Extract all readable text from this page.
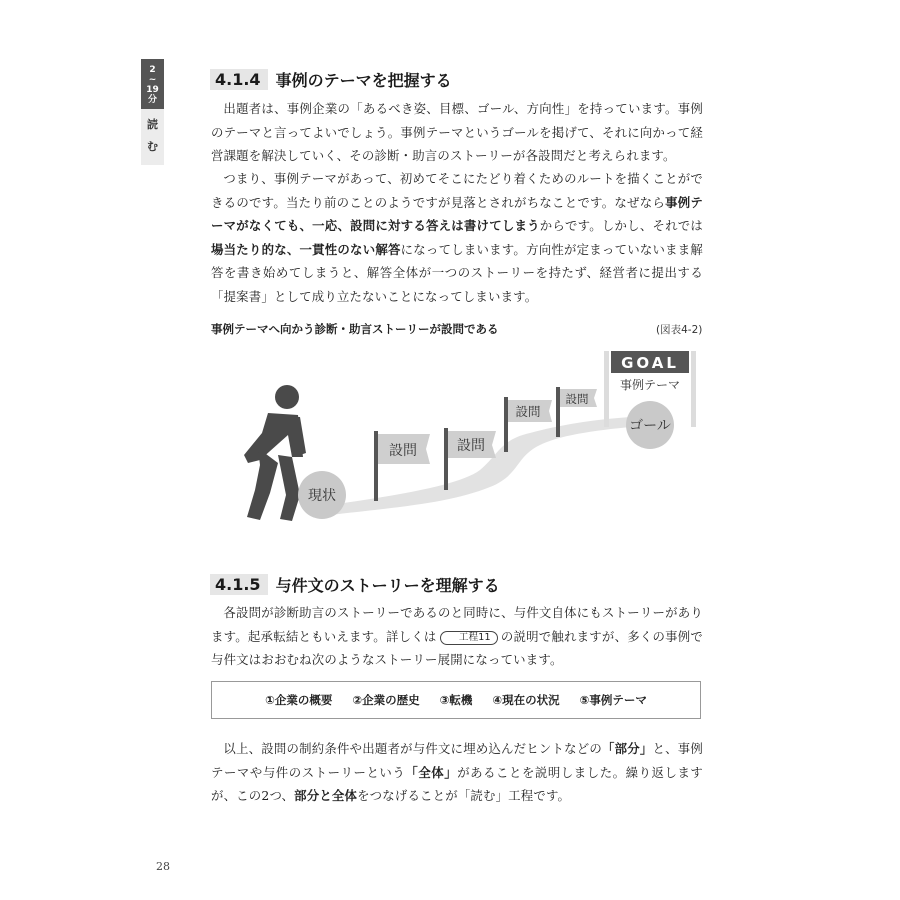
2
~
19
分
読
む
4.1.4 事例のテーマを把握する
出題者は、事例企業の「あるべき姿、目標、ゴール、方向性」を持っています。事例のテーマと言ってよいでしょう。事例テーマというゴールを掲げて、それに向かって経営課題を解決していく、その診断・助言のストーリーが各設問だと考えられます。
つまり、事例テーマがあって、初めてそこにたどり着くためのルートを描くことができるのです。当たり前のことのようですが見落とされがちなことです。なぜなら事例テーマがなくても、一応、設問に対する答えは書けてしまうからです。しかし、それでは場当たり的な、一貫性のない解答になってしまいます。方向性が定まっていないまま解答を書き始めてしまうと、解答全体が一つのストーリーを持たず、経営者に提出する「提案書」として成り立たないことになってしまいます。
事例テーマへ向かう診断・助言ストーリーが設問である	(図表4-2)
現状
設問	設問
設問
設問
GOAL
事例テーマ
ゴール
4.1.5 与件文のストーリーを理解する
各設問が診断助言のストーリーであるのと同時に、与件文自体にもストーリーがあります。起承転結ともいえます。詳しくは 工程11 の説明で触れますが、多くの事例で与件文はおおむね次のようなストーリー展開になっています。
①企業の概要 ②企業の歴史 ③転機 ④現在の状況 ⑤事例テーマ
以上、設問の制約条件や出題者が与件文に埋め込んだヒントなどの「部分」と、事例テーマや与件のストーリーという「全体」があることを説明しました。繰り返しますが、この2つ、部分と全体をつなげることが「読む」工程です。
28
